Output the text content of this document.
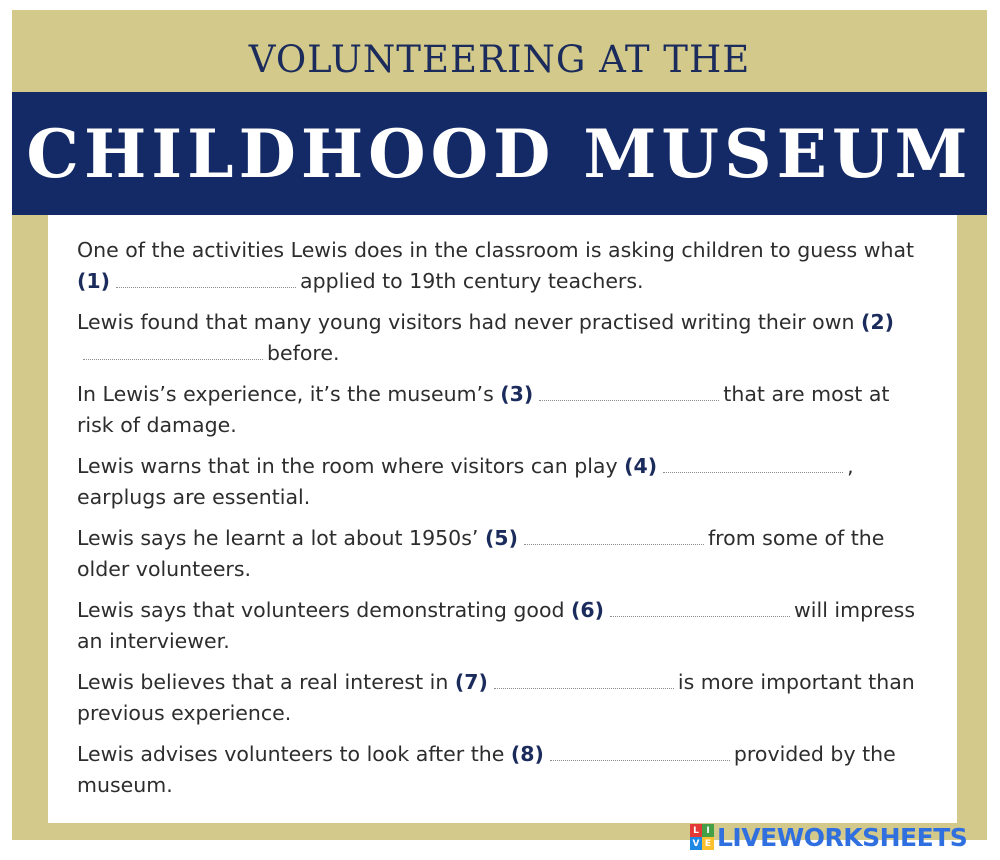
VOLUNTEERING AT THE
CHILDHOOD MUSEUM
One of the activities Lewis does in the classroom is asking children to guess what (1)	applied to 19th century teachers.
Lewis found that many young visitors had never practised writing their own (2)before.
In Lewis’s experience, it’s the museum’s (3)	that are most at risk of damage.
Lewis warns that in the room where visitors can play (4)	, earplugs are essential.
Lewis says he learnt a lot about 1950s’ (5)	from some of the older volunteers.
Lewis says that volunteers demonstrating good (6)	will impress an interviewer.
Lewis believes that a real interest in (7)	is more important than previous experience.
Lewis advises volunteers to look after the (8)	provided by the museum.
L I
V E LIVEWORKSHEETS
